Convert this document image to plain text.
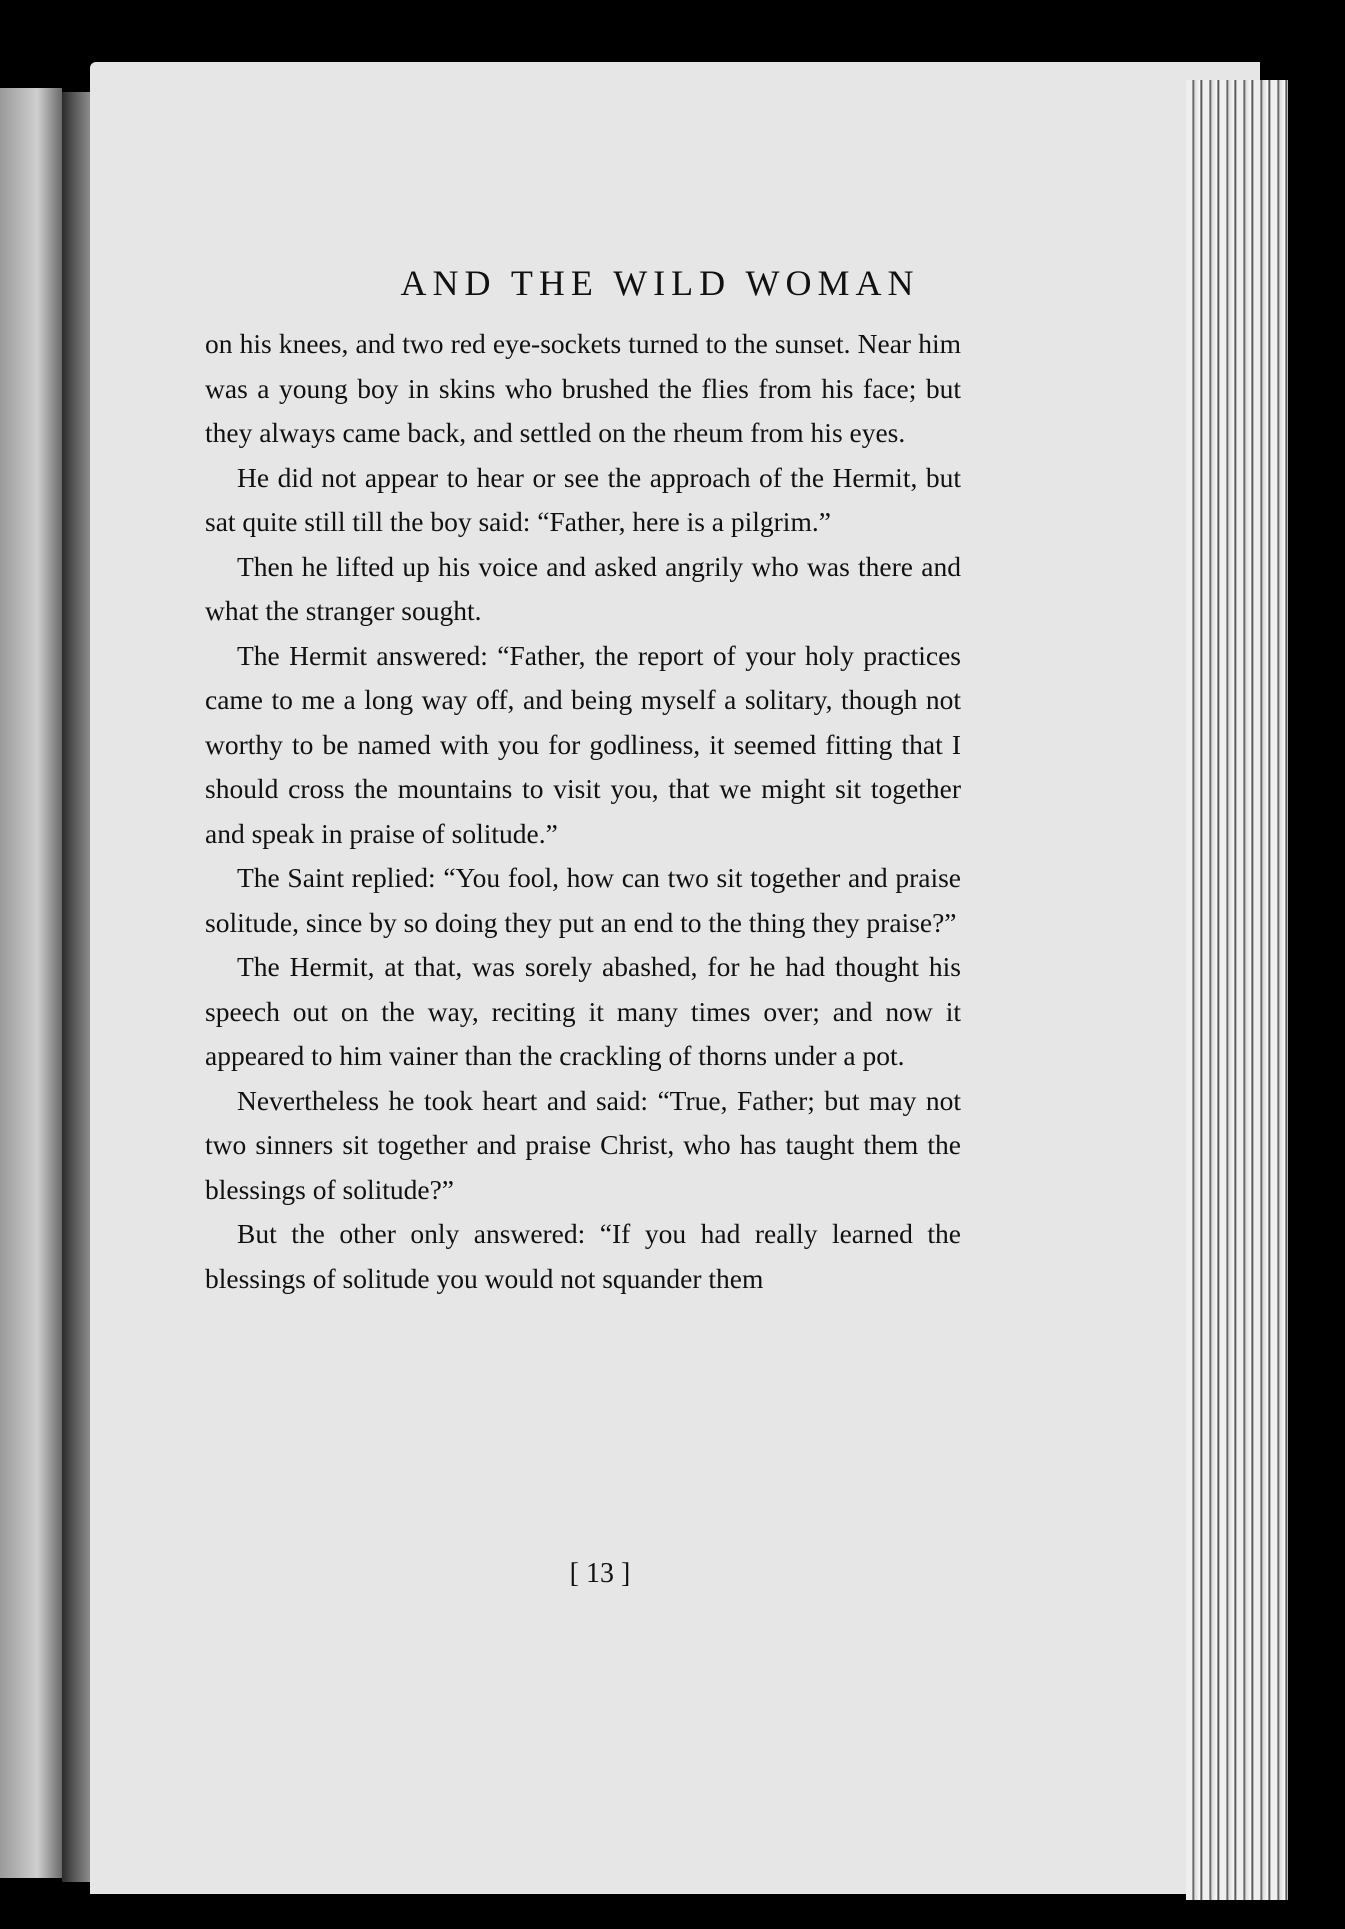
AND THE WILD WOMAN

on his knees, and two red eye-sockets turned to the sunset. Near him was a young boy in skins who brushed the flies from his face; but they always came back, and settled on the rheum from his eyes.

He did not appear to hear or see the approach of the Hermit, but sat quite still till the boy said: “Father, here is a pilgrim.”

Then he lifted up his voice and asked angrily who was there and what the stranger sought.

The Hermit answered: “Father, the report of your holy practices came to me a long way off, and being myself a solitary, though not worthy to be named with you for godliness, it seemed fitting that I should cross the mountains to visit you, that we might sit together and speak in praise of solitude.”

The Saint replied: “You fool, how can two sit together and praise solitude, since by so doing they put an end to the thing they praise?”

The Hermit, at that, was sorely abashed, for he had thought his speech out on the way, reciting it many times over; and now it appeared to him vainer than the crackling of thorns under a pot.

Nevertheless he took heart and said: “True, Father; but may not two sinners sit together and praise Christ, who has taught them the blessings of solitude?”

But the other only answered: “If you had really learned the blessings of solitude you would not squander them

[ 13 ]
